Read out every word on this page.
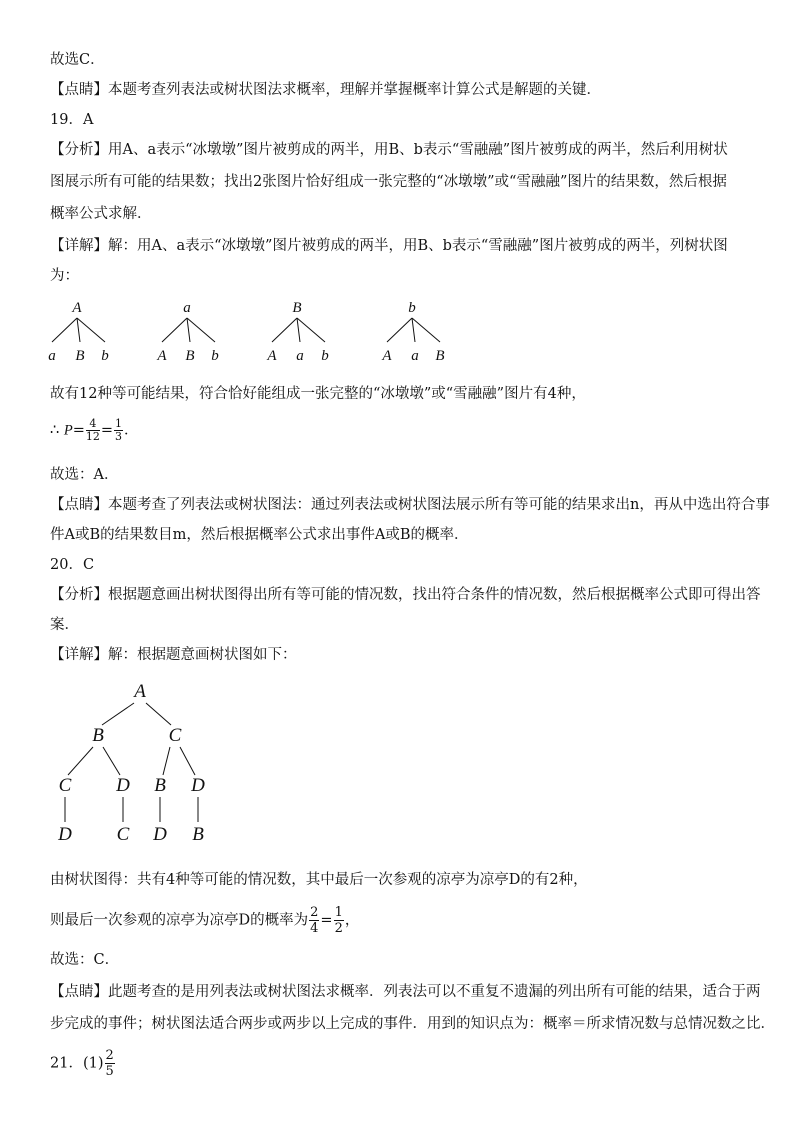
故选C．
【点睛】本题考查列表法或树状图法求概率，理解并掌握概率计算公式是解题的关键．
19．A
【分析】用A、a表示“冰墩墩”图片被剪成的两半，用B、b表示“雪融融”图片被剪成的两半，然后利用树状
图展示所有可能的结果数；找出2张图片恰好组成一张完整的“冰墩墩”或“雪融融”图片的结果数，然后根据
概率公式求解．
【详解】解：用A、a表示“冰墩墩”图片被剪成的两半，用B、b表示“雪融融”图片被剪成的两半，列树状图
为：
A
a B b
a
A B b
B
A a b
b
A a B
故有12种等可能结果，符合恰好能组成一张完整的“冰墩墩”或“雪融融”图片有4种，
∴ $P= \frac{4}{12} = \frac{1}{3}$ ．
故选：A．
【点睛】本题考查了列表法或树状图法：通过列表法或树状图法展示所有等可能的结果求出n，再从中选出符合事
件A或B的结果数目m，然后根据概率公式求出事件A或B的概率．
20．C
【分析】根据题意画出树状图得出所有等可能的情况数，找出符合条件的情况数，然后根据概率公式即可得出答
案．
【详解】解：根据题意画树状图如下：
A
B	C
C D B D
D C D B
由树状图得：共有4种等可能的情况数，其中最后一次参观的凉亭为凉亭D的有2种，
则最后一次参观的凉亭为凉亭D的概率为 $\frac{2}{4} = \frac{1}{2}$ ，
故选：C．
【点睛】此题考查的是用列表法或树状图法求概率．列表法可以不重复不遗漏的列出所有可能的结果，适合于两
步完成的事件；树状图法适合两步或两步以上完成的事件．用到的知识点为：概率＝所求情况数与总情况数之比．
21．$(1) \frac{2}{5}$
